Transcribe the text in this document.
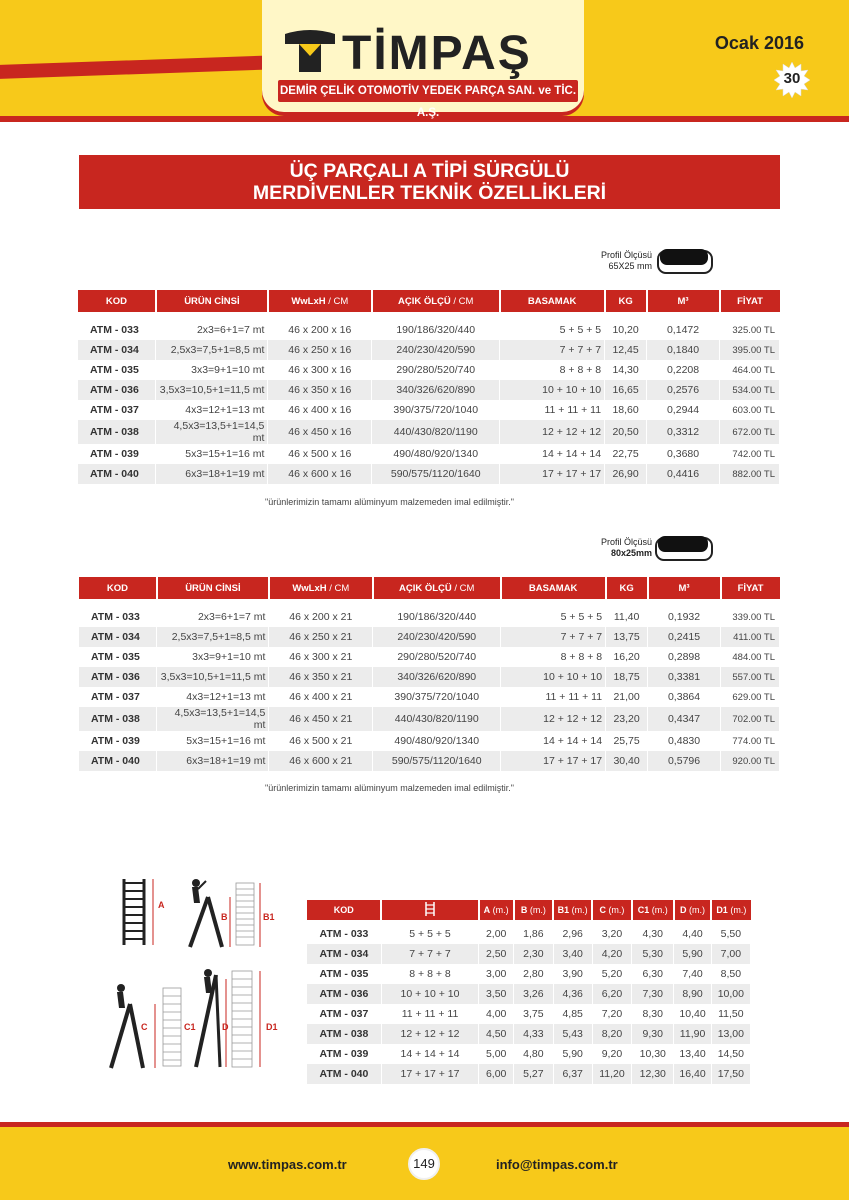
TİMPAŞ
DEMİR ÇELİK OTOMOTİV YEDEK PARÇA SAN. ve TİC. A.Ş.
Ocak 2016
30
ÜÇ PARÇALI A TİPİ SÜRGÜLÜ
MERDİVENLER TEKNİK ÖZELLİKLERİ
Profil Ölçüsü
65X25 mm
KOD	ÜRÜN CİNSİ	WwLxH / CM	AÇIK ÖLÇÜ / CM	BASAMAK	KG	M³	FİYAT

ATM - 033	2x3=6+1=7 mt	46 x 200 x 16	190/186/320/440	5 + 5 + 5	10,20	0,1472	325.00 TL
ATM - 034	2,5x3=7,5+1=8,5 mt	46 x 250 x 16	240/230/420/590	7 + 7 + 7	12,45	0,1840	395.00 TL
ATM - 035	3x3=9+1=10 mt	46 x 300 x 16	290/280/520/740	8 + 8 + 8	14,30	0,2208	464.00 TL
ATM - 036	3,5x3=10,5+1=11,5 mt	46 x 350 x 16	340/326/620/890	10 + 10 + 10	16,65	0,2576	534.00 TL
ATM - 037	4x3=12+1=13 mt	46 x 400 x 16	390/375/720/1040	11 + 11 + 11	18,60	0,2944	603.00 TL
ATM - 038	4,5x3=13,5+1=14,5 mt	46 x 450 x 16	440/430/820/1190	12 + 12 + 12	20,50	0,3312	672.00 TL
ATM - 039	5x3=15+1=16 mt	46 x 500 x 16	490/480/920/1340	14 + 14 + 14	22,75	0,3680	742.00 TL
ATM - 040	6x3=18+1=19 mt	46 x 600 x 16	590/575/1120/1640	17 + 17 + 17	26,90	0,4416	882.00 TL
"ürünlerimizin tamamı alüminyum malzemeden imal edilmiştir."
Profil Ölçüsü
80x25mm
KOD	ÜRÜN CİNSİ	WwLxH / CM	AÇIK ÖLÇÜ / CM	BASAMAK	KG	M³	FİYAT

ATM - 033	2x3=6+1=7 mt	46 x 200 x 21	190/186/320/440	5 + 5 + 5	11,40	0,1932	339.00 TL
ATM - 034	2,5x3=7,5+1=8,5 mt	46 x 250 x 21	240/230/420/590	7 + 7 + 7	13,75	0,2415	411.00 TL
ATM - 035	3x3=9+1=10 mt	46 x 300 x 21	290/280/520/740	8 + 8 + 8	16,20	0,2898	484.00 TL
ATM - 036	3,5x3=10,5+1=11,5 mt	46 x 350 x 21	340/326/620/890	10 + 10 + 10	18,75	0,3381	557.00 TL
ATM - 037	4x3=12+1=13 mt	46 x 400 x 21	390/375/720/1040	11 + 11 + 11	21,00	0,3864	629.00 TL
ATM - 038	4,5x3=13,5+1=14,5 mt	46 x 450 x 21	440/430/820/1190	12 + 12 + 12	23,20	0,4347	702.00 TL
ATM - 039	5x3=15+1=16 mt	46 x 500 x 21	490/480/920/1340	14 + 14 + 14	25,75	0,4830	774.00 TL
ATM - 040	6x3=18+1=19 mt	46 x 600 x 21	590/575/1120/1640	17 + 17 + 17	30,40	0,5796	920.00 TL
"ürünlerimizin tamamı alüminyum malzemeden imal edilmiştir."
A
B	B1
C	C1	D	D1
KOD		A (m.)	B (m.)	B1 (m.)	C (m.)	C1 (m.)	D (m.)	D1 (m.)

ATM - 033	5 + 5 + 5	2,00	1,86	2,96	3,20	4,30	4,40	5,50
ATM - 034	7 + 7 + 7	2,50	2,30	3,40	4,20	5,30	5,90	7,00
ATM - 035	8 + 8 + 8	3,00	2,80	3,90	5,20	6,30	7,40	8,50
ATM - 036	10 + 10 + 10	3,50	3,26	4,36	6,20	7,30	8,90	10,00
ATM - 037	11 + 11 + 11	4,00	3,75	4,85	7,20	8,30	10,40	11,50
ATM - 038	12 + 12 + 12	4,50	4,33	5,43	8,20	9,30	11,90	13,00
ATM - 039	14 + 14 + 14	5,00	4,80	5,90	9,20	10,30	13,40	14,50
ATM - 040	17 + 17 + 17	6,00	5,27	6,37	11,20	12,30	16,40	17,50
www.timpas.com.tr	149	info@timpas.com.tr
